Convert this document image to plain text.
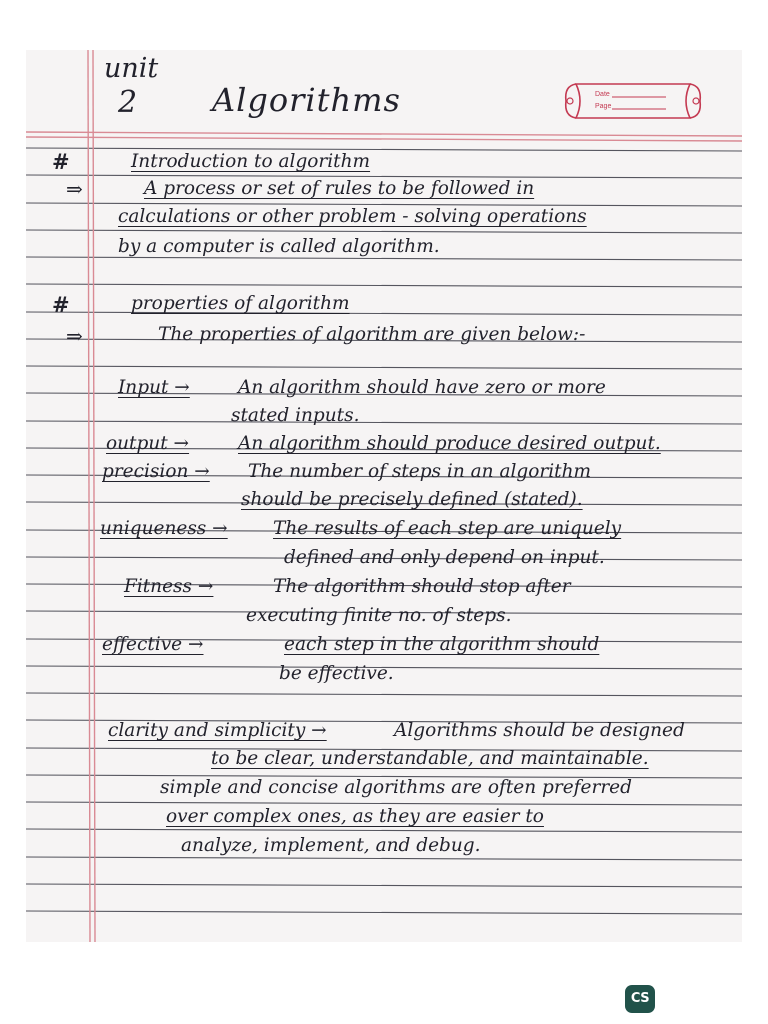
unit
2 Algorithms	Date
Page
#	Introduction to algorithm
⇒	A process or set of rules to be followed in
calculations or other problem - solving operations
by a computer is called algorithm.
#	properties of algorithm
⇒	The properties of algorithm are given below:-
Input →	An algorithm should have zero or more
stated inputs.
output →	An algorithm should produce desired output.
precision → The number of steps in an algorithm
should be precisely defined (stated).
uniqueness → The results of each step are uniquely
defined and only depend on input.
Fitness →	The algorithm should stop after
executing finite no. of steps.
effective →	each step in the algorithm should
be effective.
clarity and simplicity →	Algorithms should be designed
to be clear, understandable, and maintainable.
simple and concise algorithms are often preferred
over complex ones, as they are easier to
analyze, implement, and debug.
CS
